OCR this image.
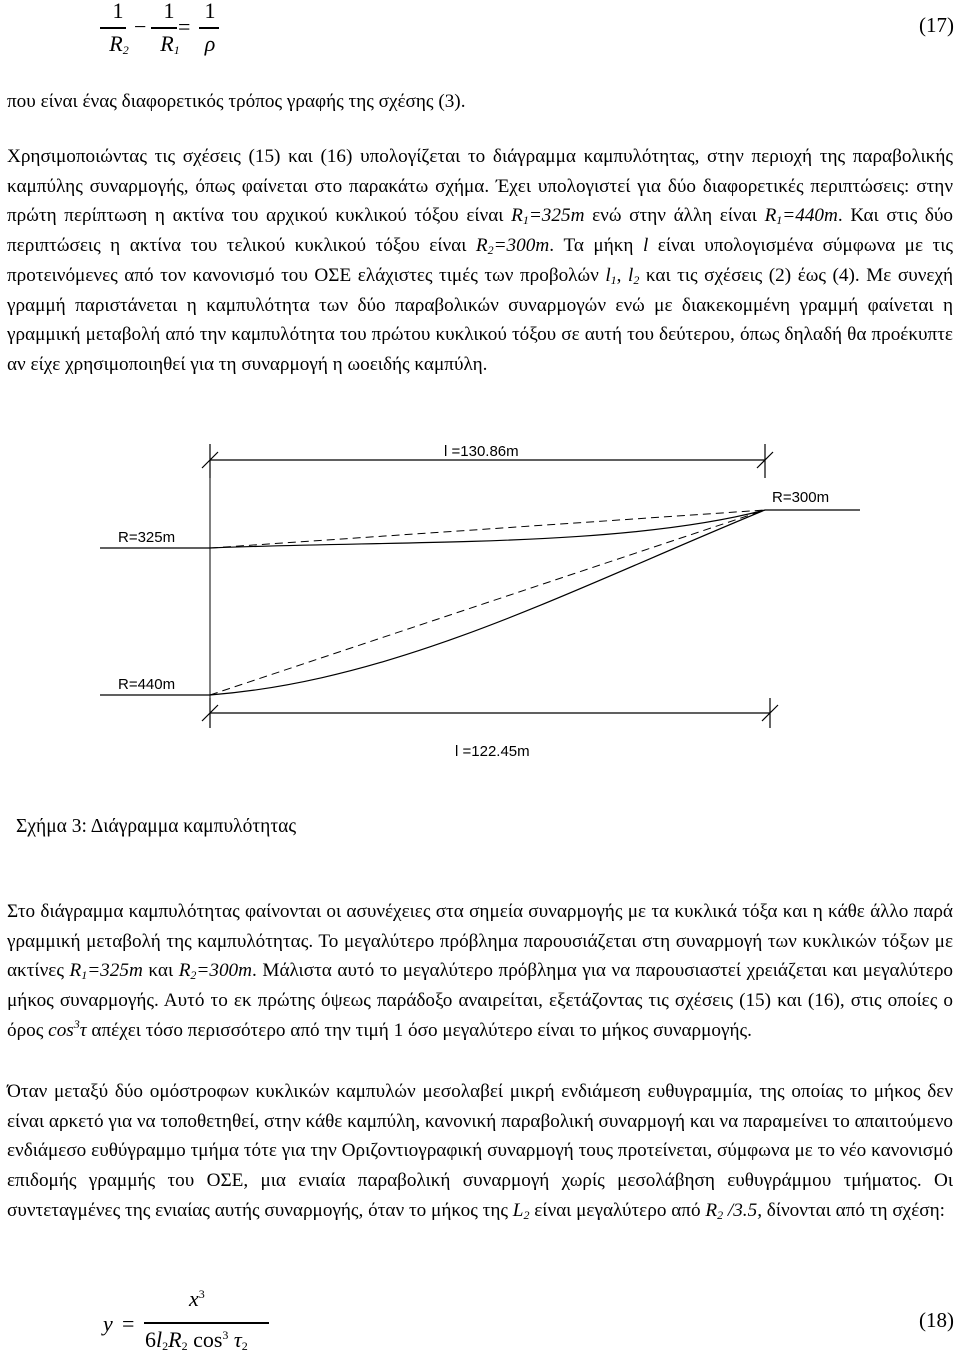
1
$R_2$
−
1
$R_1$
=
1
ρ
(17)

που είναι ένας διαφορετικός τρόπος γραφής της σχέσης (3).

Χρησιμοποιώντας τις σχέσεις (15) και (16) υπολογίζεται το διάγραμμα καμπυλότητας, στην περιοχή της παραβολικής καμπύλης συναρμογής, όπως φαίνεται στο παρακάτω σχήμα. Έχει υπολογιστεί για δύο διαφορετικές περιπτώσεις: στην πρώτη περίπτωση η ακτίνα του αρχικού κυκλικού τόξου είναι $R_1=325m$ ενώ στην άλλη είναι $R_1=440m$. Και στις δύο περιπτώσεις η ακτίνα του τελικού κυκλικού τόξου είναι $R_2=300m$. Τα μήκη l είναι υπολογισμένα σύμφωνα με τις προτεινόμενες από τον κανονισμό του ΟΣΕ ελάχιστες τιμές των προβολών $l_1$, $l_2$ και τις σχέσεις (2) έως (4). Με συνεχή γραμμή παριστάνεται η καμπυλότητα των δύο παραβολικών συναρμογών ενώ με διακεκομμένη γραμμή φαίνεται η γραμμική μεταβολή από την καμπυλότητα του πρώτου κυκλικού τόξου σε αυτή του δεύτερου, όπως δηλαδή θα προέκυπτε αν είχε χρησιμοποιηθεί για τη συναρμογή η ωοειδής καμπύλη.

l =130.86m
R=300m
R=325m
R=440m
l =122.45m
Σχήμα 3: Διάγραμμα καμπυλότητας

Στο διάγραμμα καμπυλότητας φαίνονται οι ασυνέχειες στα σημεία συναρμογής με τα κυκλικά τόξα και η κάθε άλλο παρά γραμμική μεταβολή της καμπυλότητας. Το μεγαλύτερο πρόβλημα παρουσιάζεται στη συναρμογή των κυκλικών τόξων με ακτίνες $R_1=325m$ και $R_2=300m$. Μάλιστα αυτό το μεγαλύτερο πρόβλημα για να παρουσιαστεί χρειάζεται και μεγαλύτερο μήκος συναρμογής. Αυτό το εκ πρώτης όψεως παράδοξο αναιρείται, εξετάζοντας τις σχέσεις (15) και (16), στις οποίες ο όρος $\cos^3\tau$ απέχει τόσο περισσότερο από την τιμή 1 όσο μεγαλύτερο είναι το μήκος συναρμογής.

Όταν μεταξύ δύο ομόστροφων κυκλικών καμπυλών μεσολαβεί μικρή ενδιάμεση ευθυγραμμία, της οποίας το μήκος δεν είναι αρκετό για να τοποθετηθεί, στην κάθε καμπύλη, κανονική παραβολική συναρμογή και να παραμείνει το απαιτούμενο ενδιάμεσο ευθύγραμμο τμήμα τότε για την Οριζοντιογραφική συναρμογή τους προτείνεται, σύμφωνα με το νέο κανονισμό επιδομής γραμμής του ΟΣΕ, μια ενιαία παραβολική συναρμογή χωρίς μεσολάβηση ευθυγράμμου τμήματος. Οι συντεταγμένες της ενιαίας αυτής συναρμογής, όταν το μήκος της $L_2$ είναι μεγαλύτερο από $R_2$ /3.5, δίνονται από τη σχέση:

y =
$x^3$
$6l_2R_2$ $\cos^3 \tau_2$
(18)
